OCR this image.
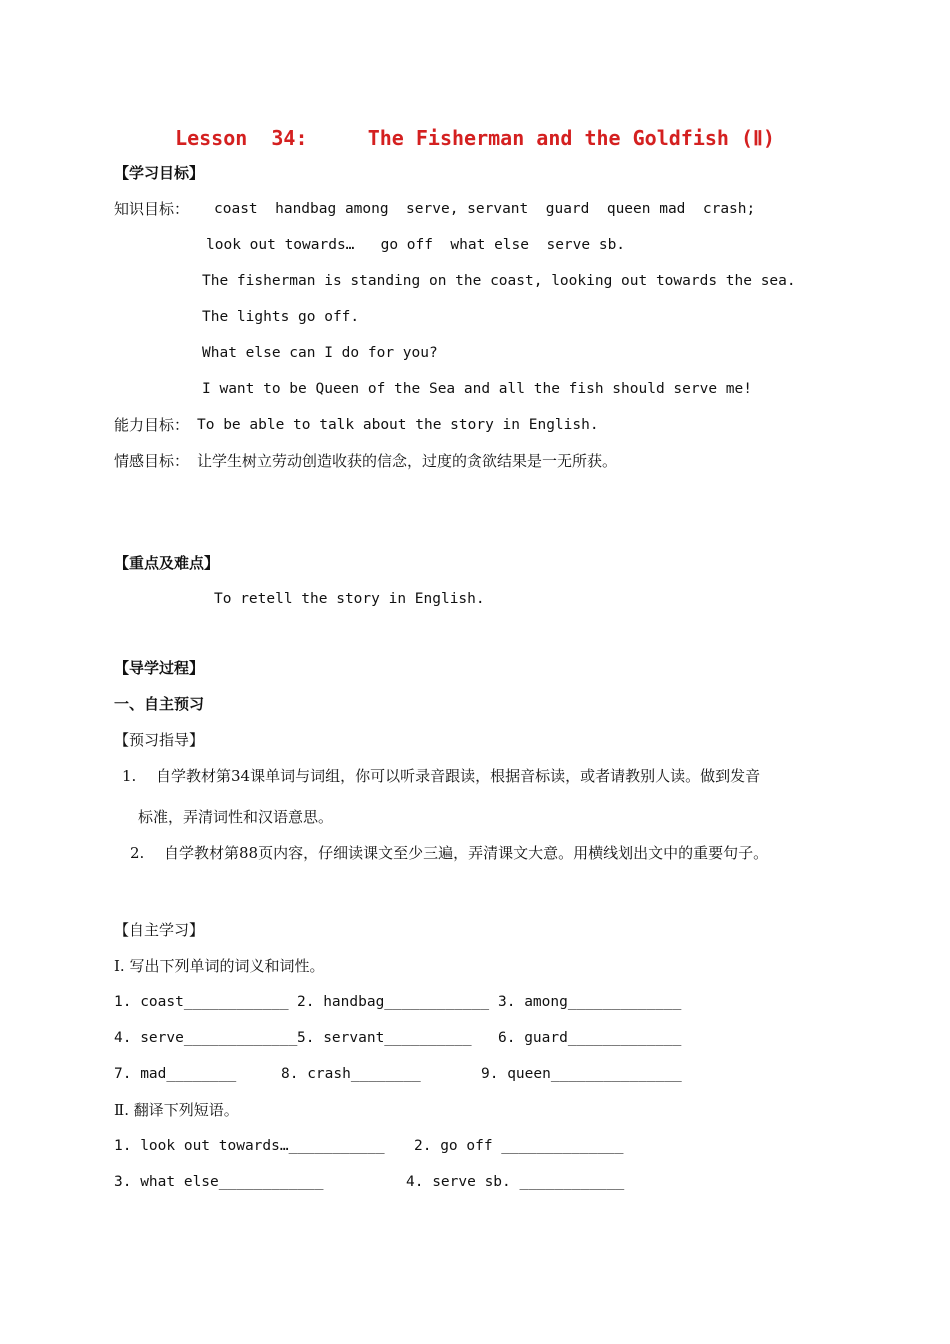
Lesson  34:     The Fisherman and the Goldfish (Ⅱ)
【学习目标】
知识目标： coast  handbag among  serve, servant  guard  queen mad  crash;
look out towards…   go off  what else  serve sb.
The fisherman is standing on the coast, looking out towards the sea.
The lights go off.
What else can I do for you?
I want to be Queen of the Sea and all the fish should serve me!
能力目标： To be able to talk about the story in English.
情感目标： 让学生树立劳动创造收获的信念，过度的贪欲结果是一无所获。
【重点及难点】
To retell the story in English.
【导学过程】
一、自主预习
【预习指导】
1. 自学教材第34课单词与词组，你可以听录音跟读，根据音标读，或者请教别人读。做到发音
标准，弄清词性和汉语意思。
2. 自学教材第88页内容，仔细读课文至少三遍，弄清课文大意。用横线划出文中的重要句子。
【自主学习】
Ⅰ. 写出下列单词的词义和词性。
1. coast____________ 2. handbag____________ 3. among_____________
4. serve_____________ 5. servant__________ 6. guard_____________
7. mad________	8. crash________	9. queen_______________
Ⅱ. 翻译下列短语。
1. look out towards…___________ 2. go off ______________
3. what else____________	4. serve sb. ____________
